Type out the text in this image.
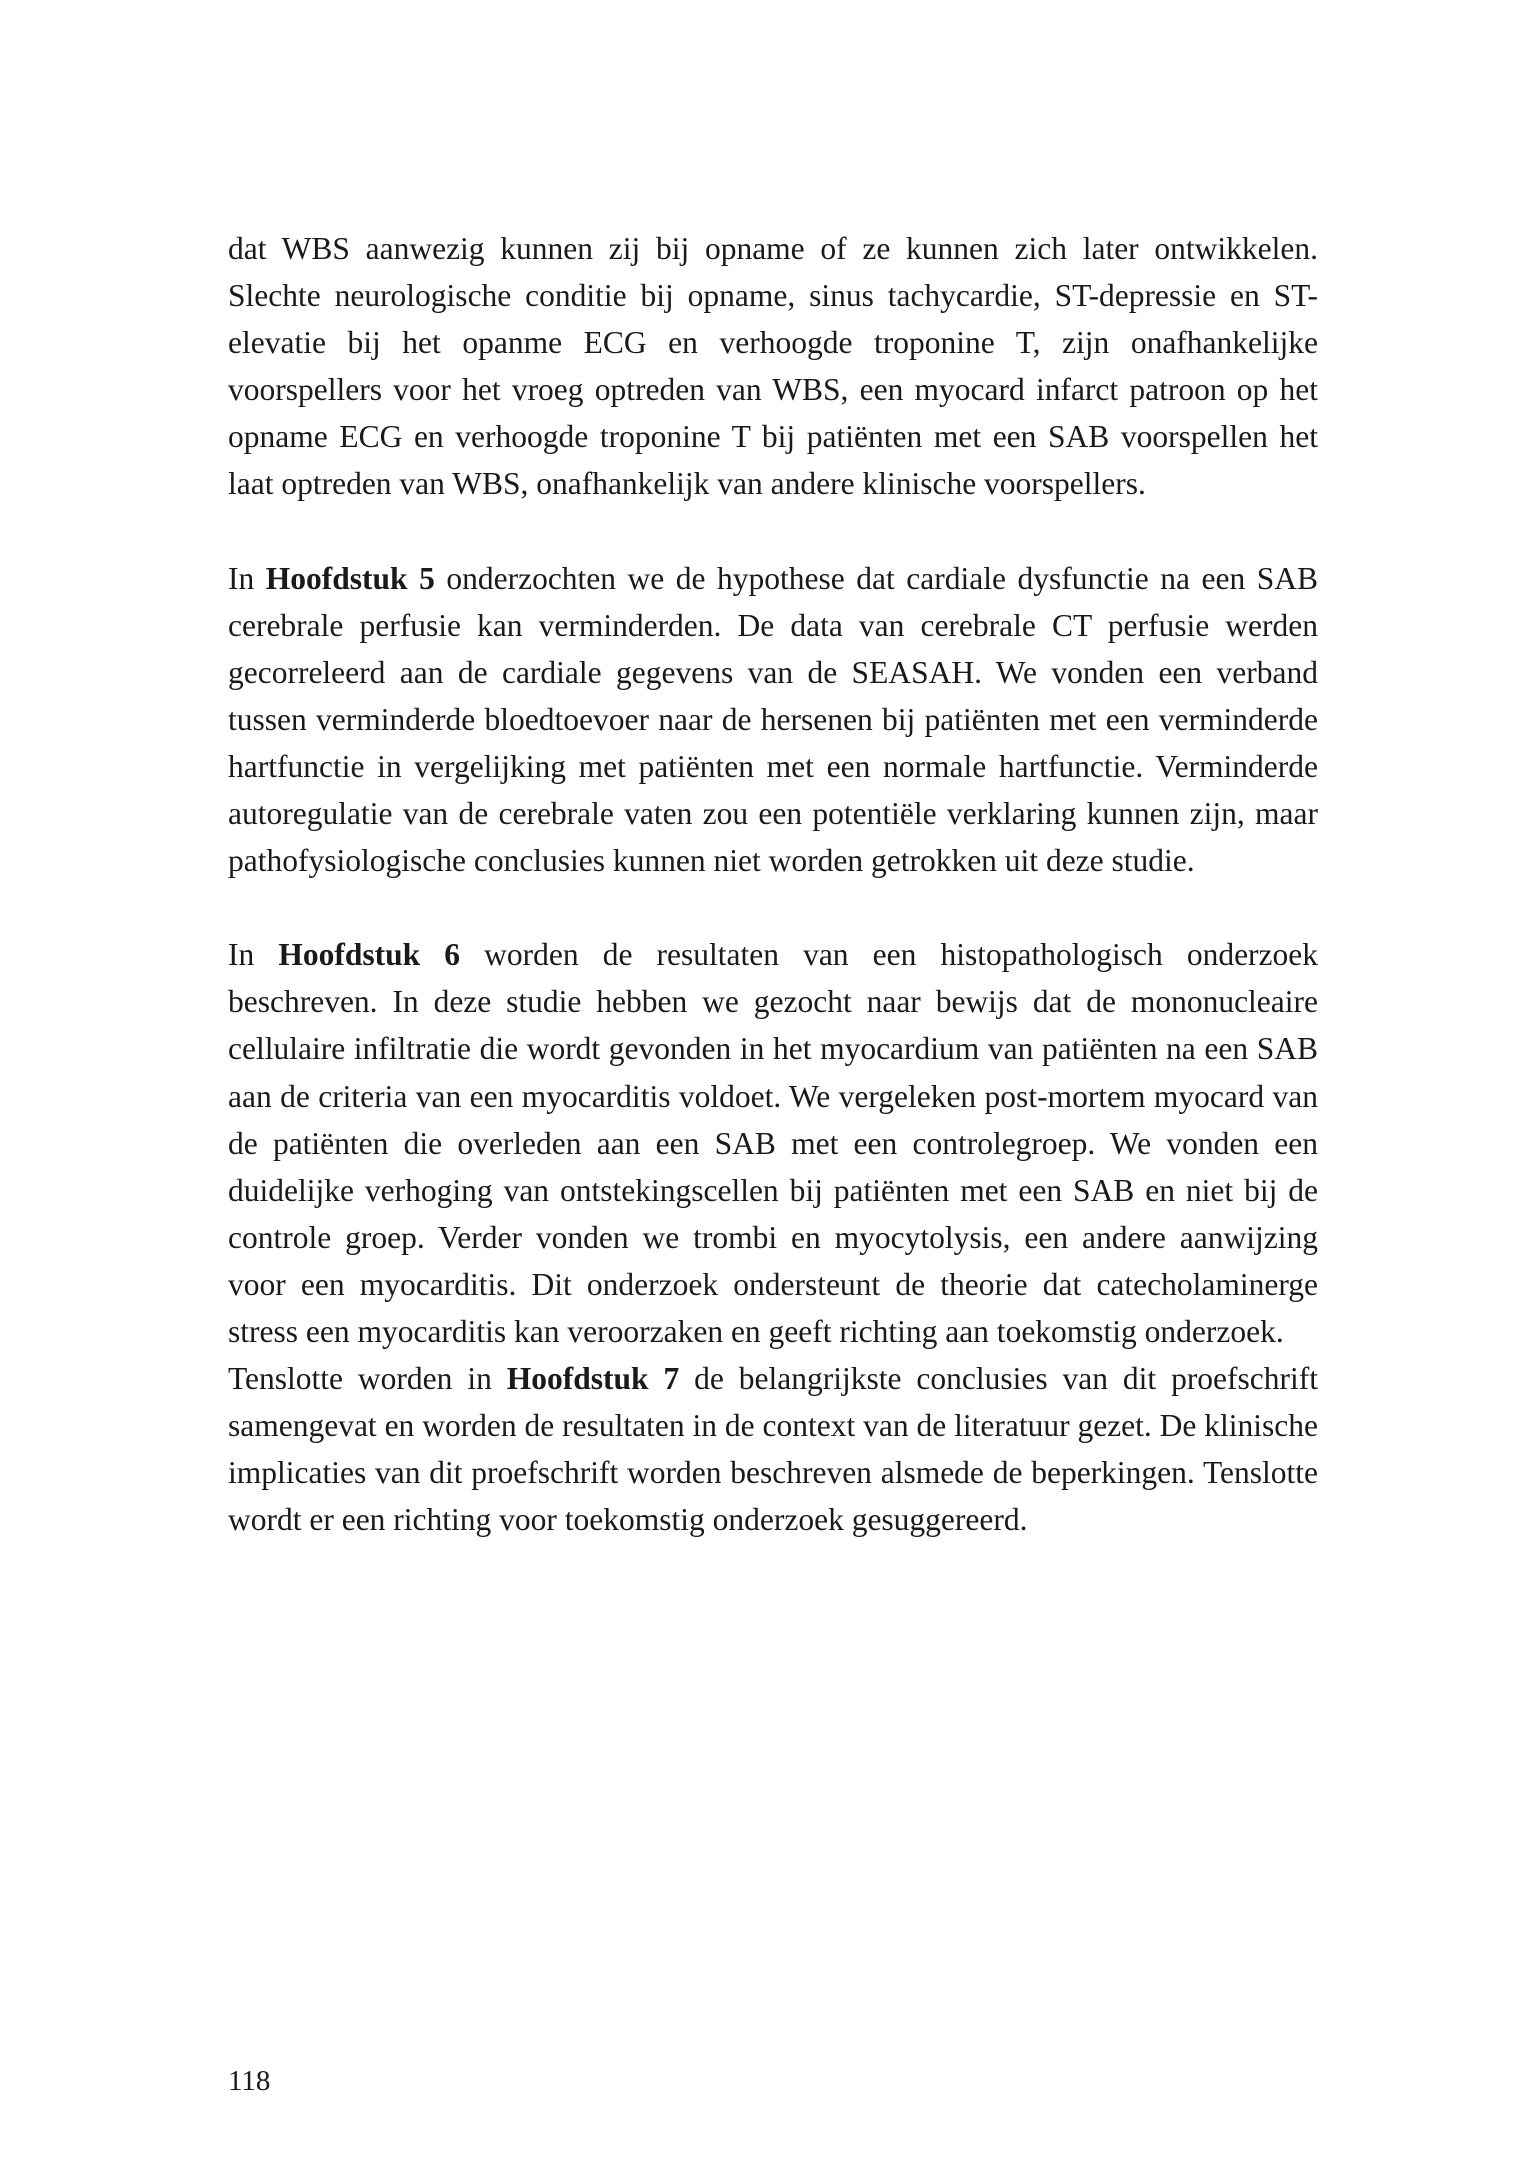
dat WBS aanwezig kunnen zij bij opname of ze kunnen zich later ontwikkelen. Slechte neurologische conditie bij opname, sinus tachycardie, ST-depressie en ST-elevatie bij het opanme ECG en verhoogde troponine T, zijn onafhankelijke voorspellers voor het vroeg optreden van WBS, een myocard infarct patroon op het opname ECG en verhoogde troponine T bij patiënten met een SAB voorspellen het laat optreden van WBS, onafhankelijk van andere klinische voorspellers.

In Hoofdstuk 5 onderzochten we de hypothese dat cardiale dysfunctie na een SAB cerebrale perfusie kan verminderden. De data van cerebrale CT perfusie werden gecorreleerd aan de cardiale gegevens van de SEASAH. We vonden een verband tussen verminderde bloedtoevoer naar de hersenen bij patiënten met een verminderde hartfunctie in vergelijking met patiënten met een normale hartfunctie. Verminderde autoregulatie van de cerebrale vaten zou een potentiële verklaring kunnen zijn, maar pathofysiologische conclusies kunnen niet worden getrokken uit deze studie.

In Hoofdstuk 6 worden de resultaten van een histopathologisch onderzoek beschreven. In deze studie hebben we gezocht naar bewijs dat de mononucleaire cellulaire infiltratie die wordt gevonden in het myocardium van patiënten na een SAB aan de criteria van een myocarditis voldoet. We vergeleken post-mortem myocard van de patiënten die overleden aan een SAB met een controlegroep. We vonden een duidelijke verhoging van ontstekingscellen bij patiënten met een SAB en niet bij de controle groep. Verder vonden we trombi en myocytolysis, een andere aanwijzing voor een myocarditis. Dit onderzoek ondersteunt de theorie dat catecholaminerge stress een myocarditis kan veroorzaken en geeft richting aan toekomstig onderzoek.

Tenslotte worden in Hoofdstuk 7 de belangrijkste conclusies van dit proefschrift samengevat en worden de resultaten in de context van de literatuur gezet. De klinische implicaties van dit proefschrift worden beschreven alsmede de beperkingen. Tenslotte wordt er een richting voor toekomstig onderzoek gesuggereerd.

118
